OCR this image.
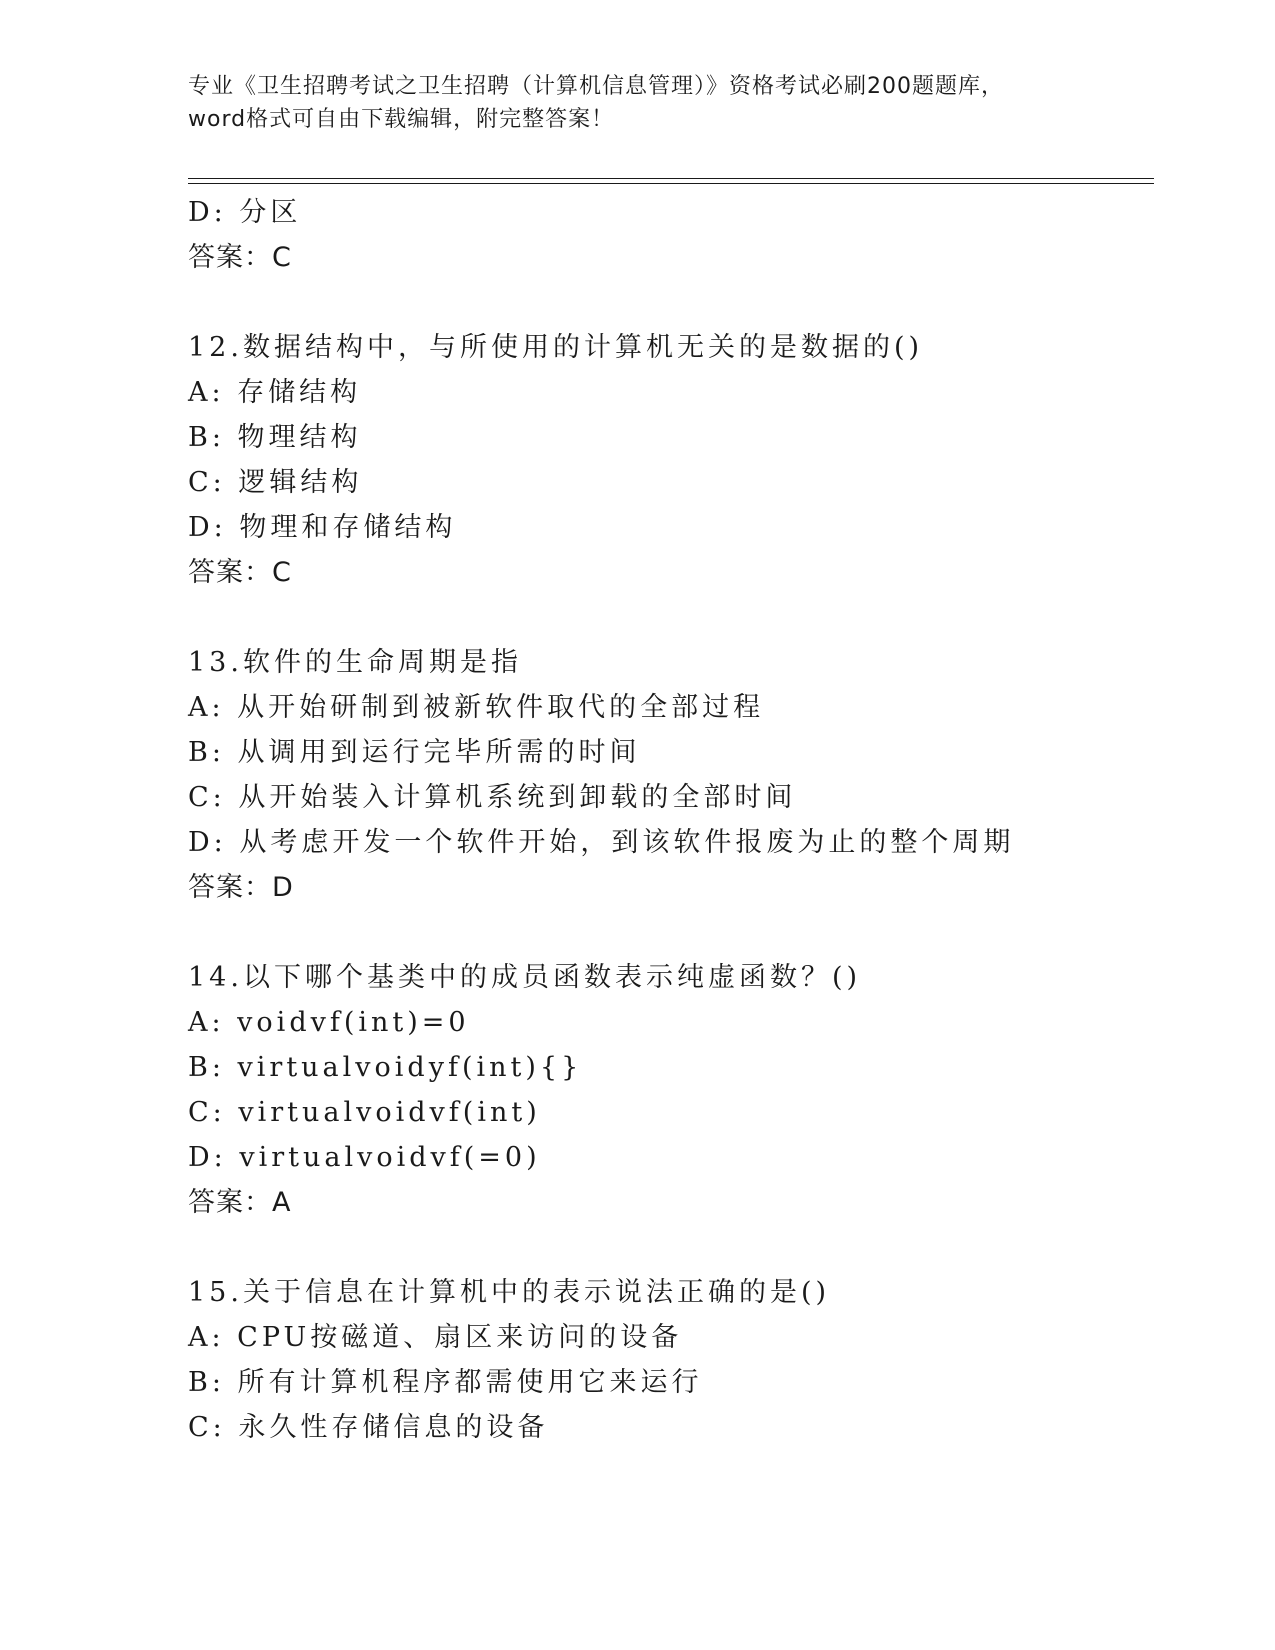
专业《卫生招聘考试之卫生招聘（计算机信息管理）》资格考试必刷200题题库，
word格式可自由下载编辑，附完整答案！
D: 分区
答案：C
12.数据结构中，与所使用的计算机无关的是数据的()
A: 存储结构
B: 物理结构
C: 逻辑结构
D: 物理和存储结构
答案：C
13.软件的生命周期是指
A: 从开始研制到被新软件取代的全部过程
B: 从调用到运行完毕所需的时间
C: 从开始装入计算机系统到卸载的全部时间
D: 从考虑开发一个软件开始，到该软件报废为止的整个周期
答案：D
14.以下哪个基类中的成员函数表示纯虚函数？()
A: voidvf(int)=0
B: virtualvoidyf(int){}
C: virtualvoidvf(int)
D: virtualvoidvf(=0)
答案：A
15.关于信息在计算机中的表示说法正确的是()
A: CPU按磁道、扇区来访问的设备
B: 所有计算机程序都需使用它来运行
C: 永久性存储信息的设备
